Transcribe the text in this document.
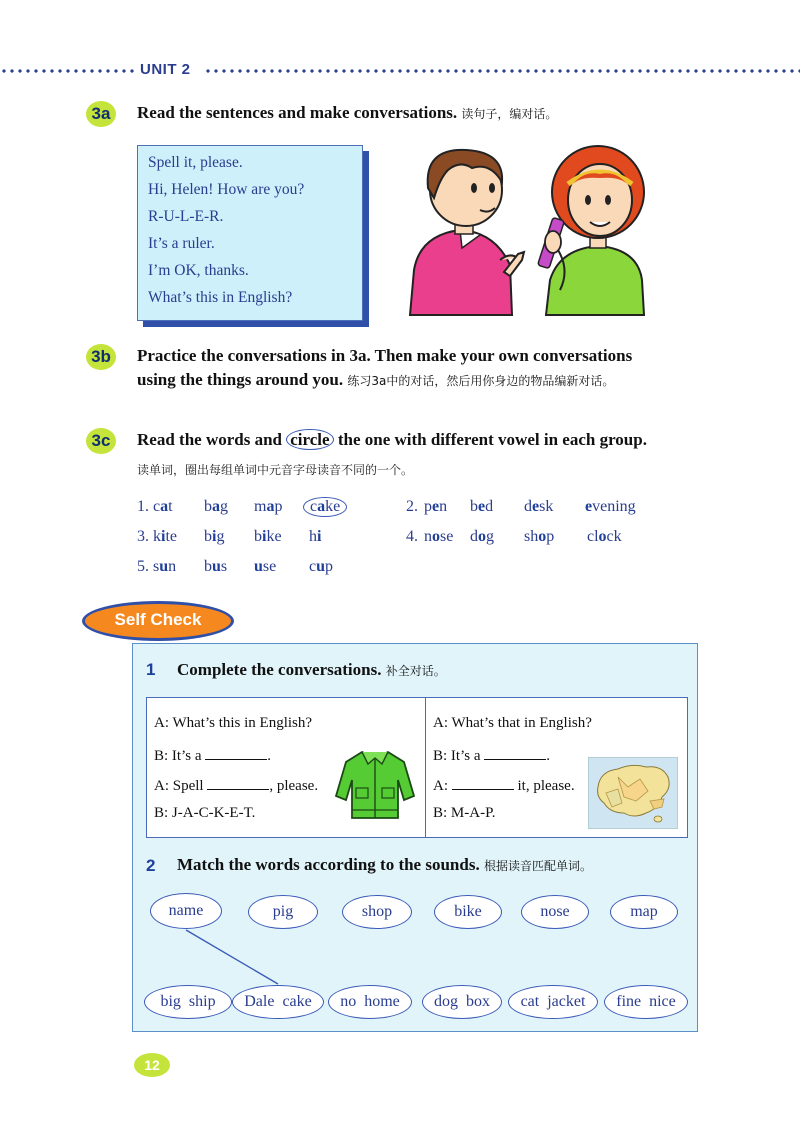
UNIT 2
3a	Read the sentences and make conversations. 读句子，编对话。
Spell it, please.
Hi, Helen! How are you?
R-U-L-E-R.
It’s a ruler.
I’m OK, thanks.
What’s this in English?
3b Practice the conversations in 3a. Then make your own conversations
using the things around you. 练习3a中的对话，然后用你身边的物品编新对话。
3c	Read the words and circle the one with different vowel in each group.
读单词，圈出每组单词中元音字母读音不同的一个。
1. cat bag map	cake	2. pen bed desk evening
3. kite big bike hi	4. nose dog shop clock
5. sun bus use cup
Self Check
1 Complete the conversations. 补全对话。
A: What’s this in English?
B: It’s a	.
A: Spell	, please.
B: J-A-C-K-E-T.
A: What’s that in English?
B: It’s a	.
A:	it, please.
B: M-A-P.
2 Match the words according to the sounds. 根据读音匹配单词。
name	pig	shop	bike	nose	map
big ship	Dale cake	no home	dog box	cat jacket	fine nice
12
